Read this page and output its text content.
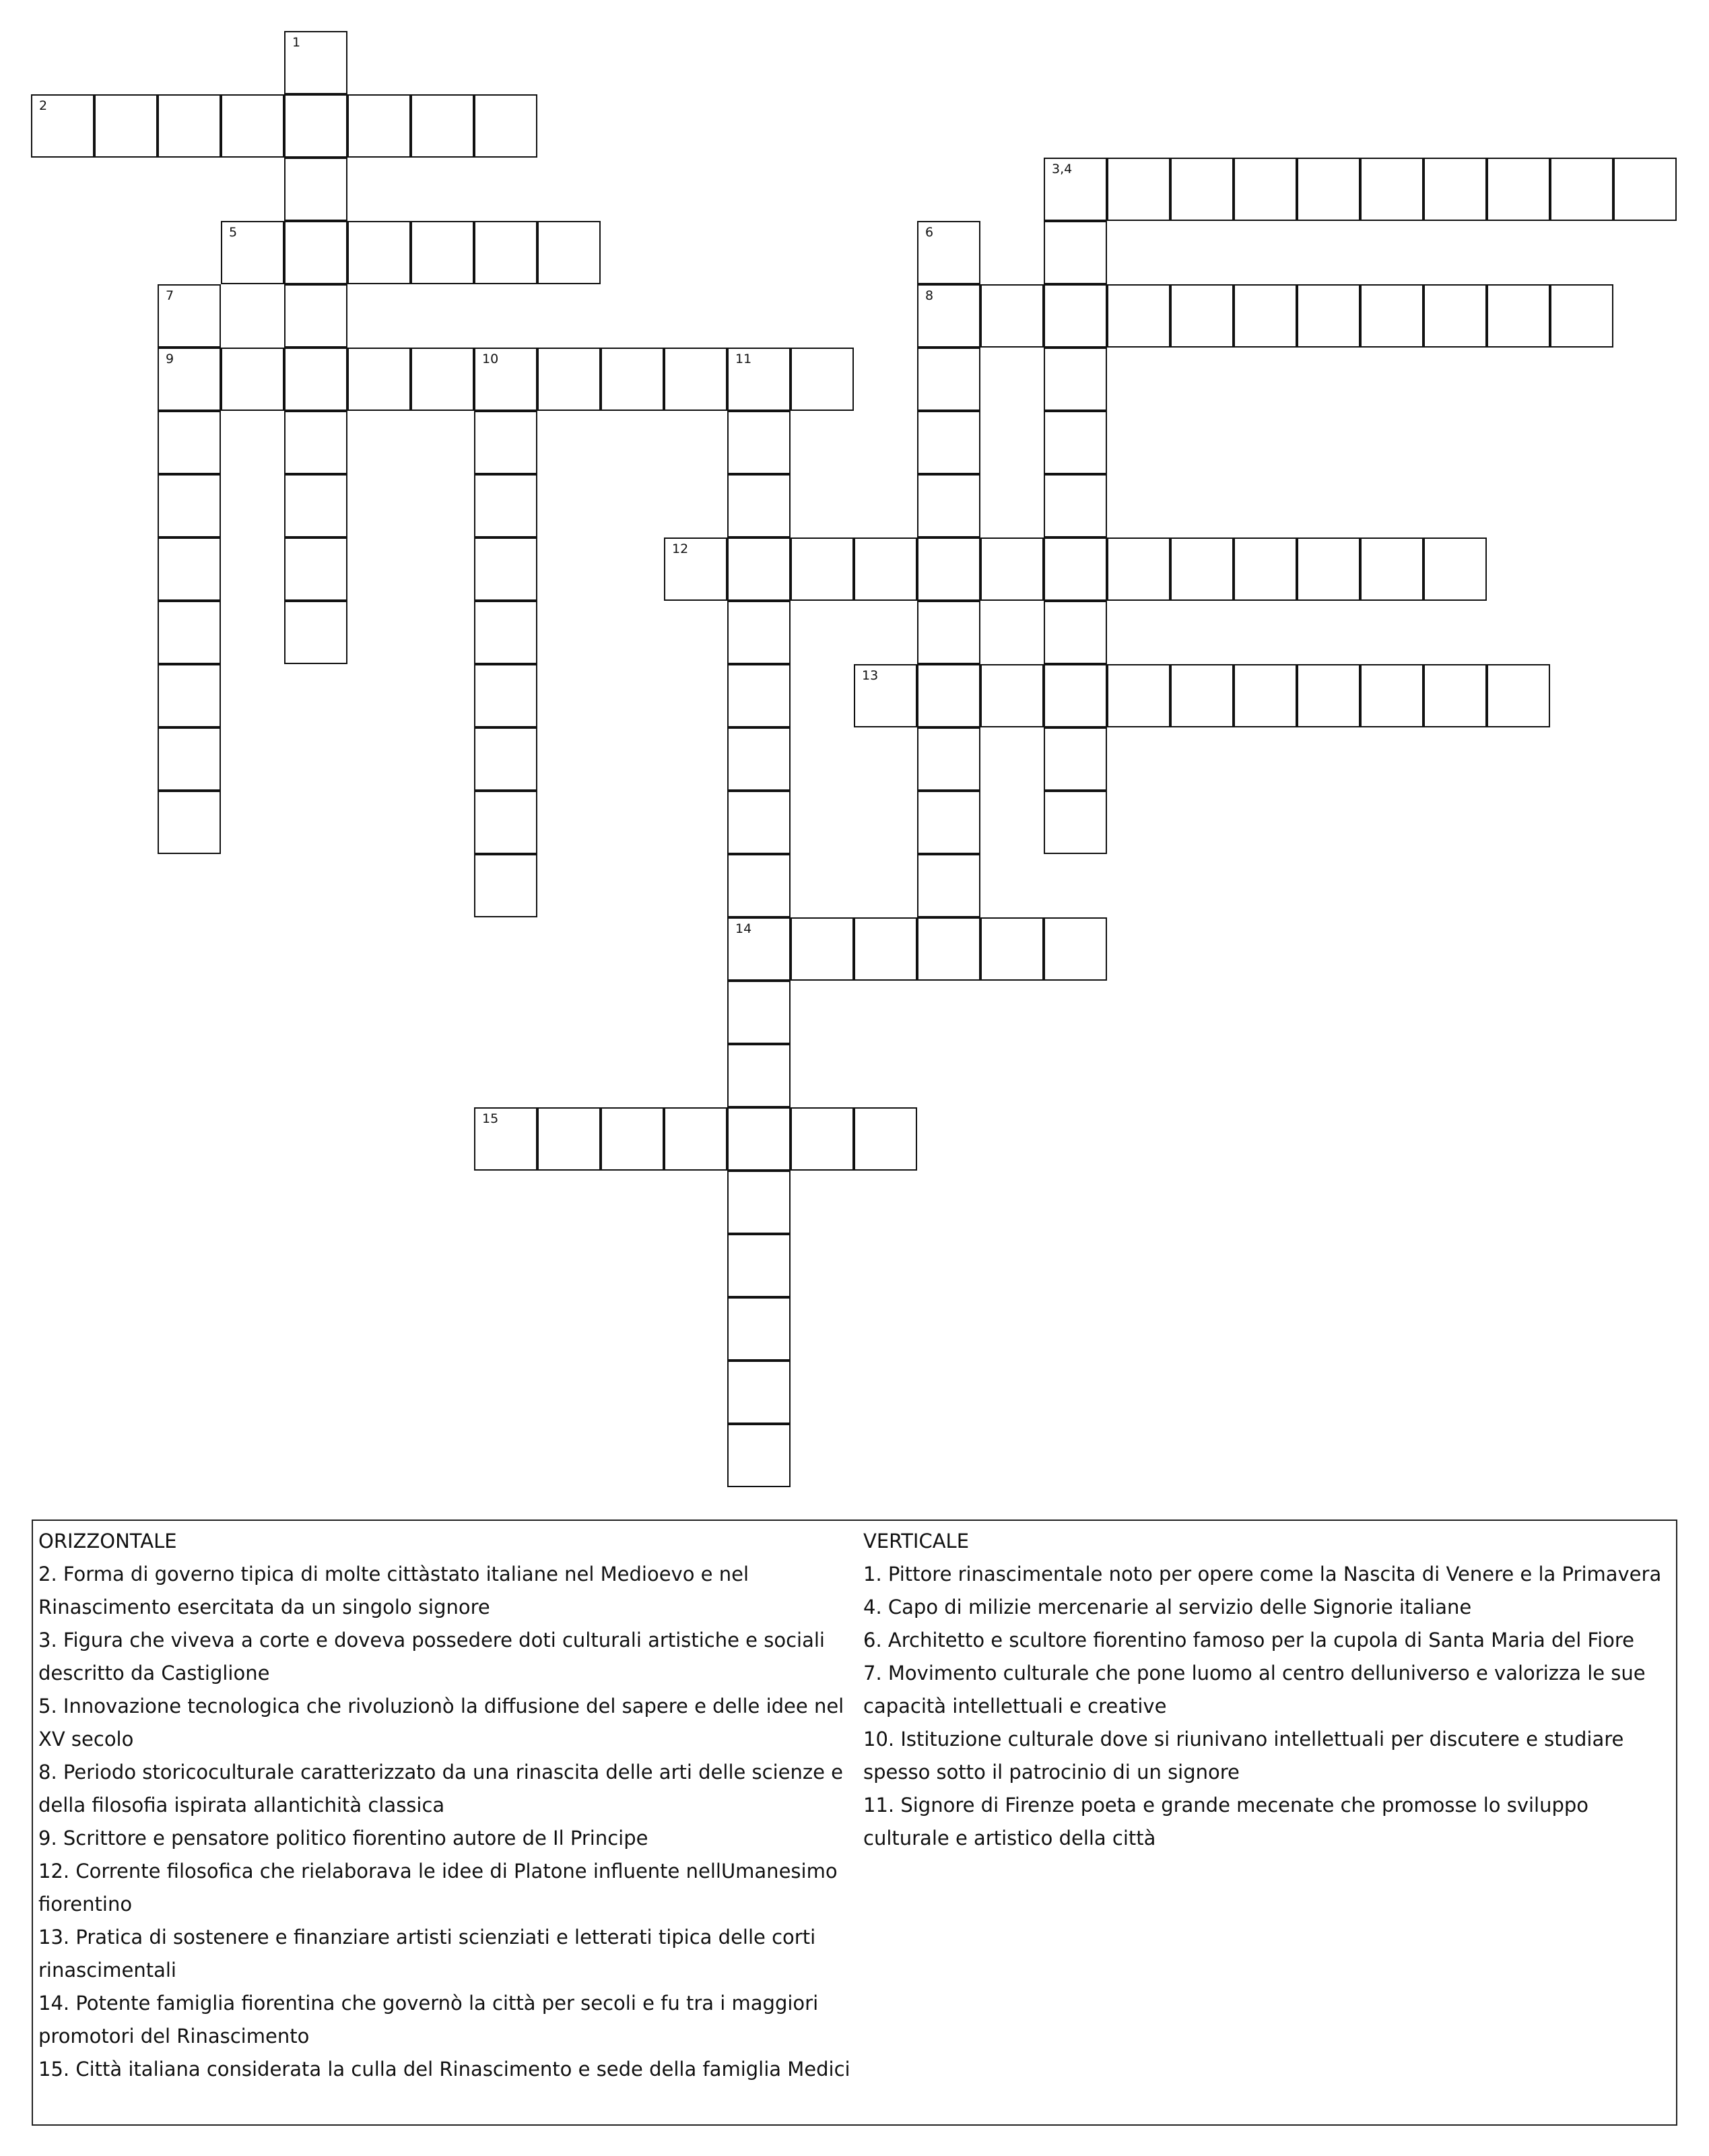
2
3,4
5
8
9	10	11
12
13
14
15
1
6
7

ORIZZONTALE

2. Forma di governo tipica di molte cittàstato italiane nel Medioevo e nel Rinascimento esercitata da un singolo signore

3. Figura che viveva a corte e doveva possedere doti culturali artistiche e sociali descritto da Castiglione

5. Innovazione tecnologica che rivoluzionò la diffusione del sapere e delle idee nel XV secolo

8. Periodo storicoculturale caratterizzato da una rinascita delle arti delle scienze e della filosofia ispirata allantichità classica

9. Scrittore e pensatore politico fiorentino autore de Il Principe

12. Corrente filosofica che rielaborava le idee di Platone influente nellUmanesimo fiorentino

13. Pratica di sostenere e finanziare artisti scienziati e letterati tipica delle corti rinascimentali

14. Potente famiglia fiorentina che governò la città per secoli e fu tra i maggiori promotori del Rinascimento

15. Città italiana considerata la culla del Rinascimento e sede della famiglia Medici

VERTICALE

1. Pittore rinascimentale noto per opere come la Nascita di Venere e la Primavera

4. Capo di milizie mercenarie al servizio delle Signorie italiane

6. Architetto e scultore fiorentino famoso per la cupola di Santa Maria del Fiore

7. Movimento culturale che pone luomo al centro delluniverso e valorizza le sue capacità intellettuali e creative

10. Istituzione culturale dove si riunivano intellettuali per discutere e studiare spesso sotto il patrocinio di un signore

11. Signore di Firenze poeta e grande mecenate che promosse lo sviluppo culturale e artistico della città
